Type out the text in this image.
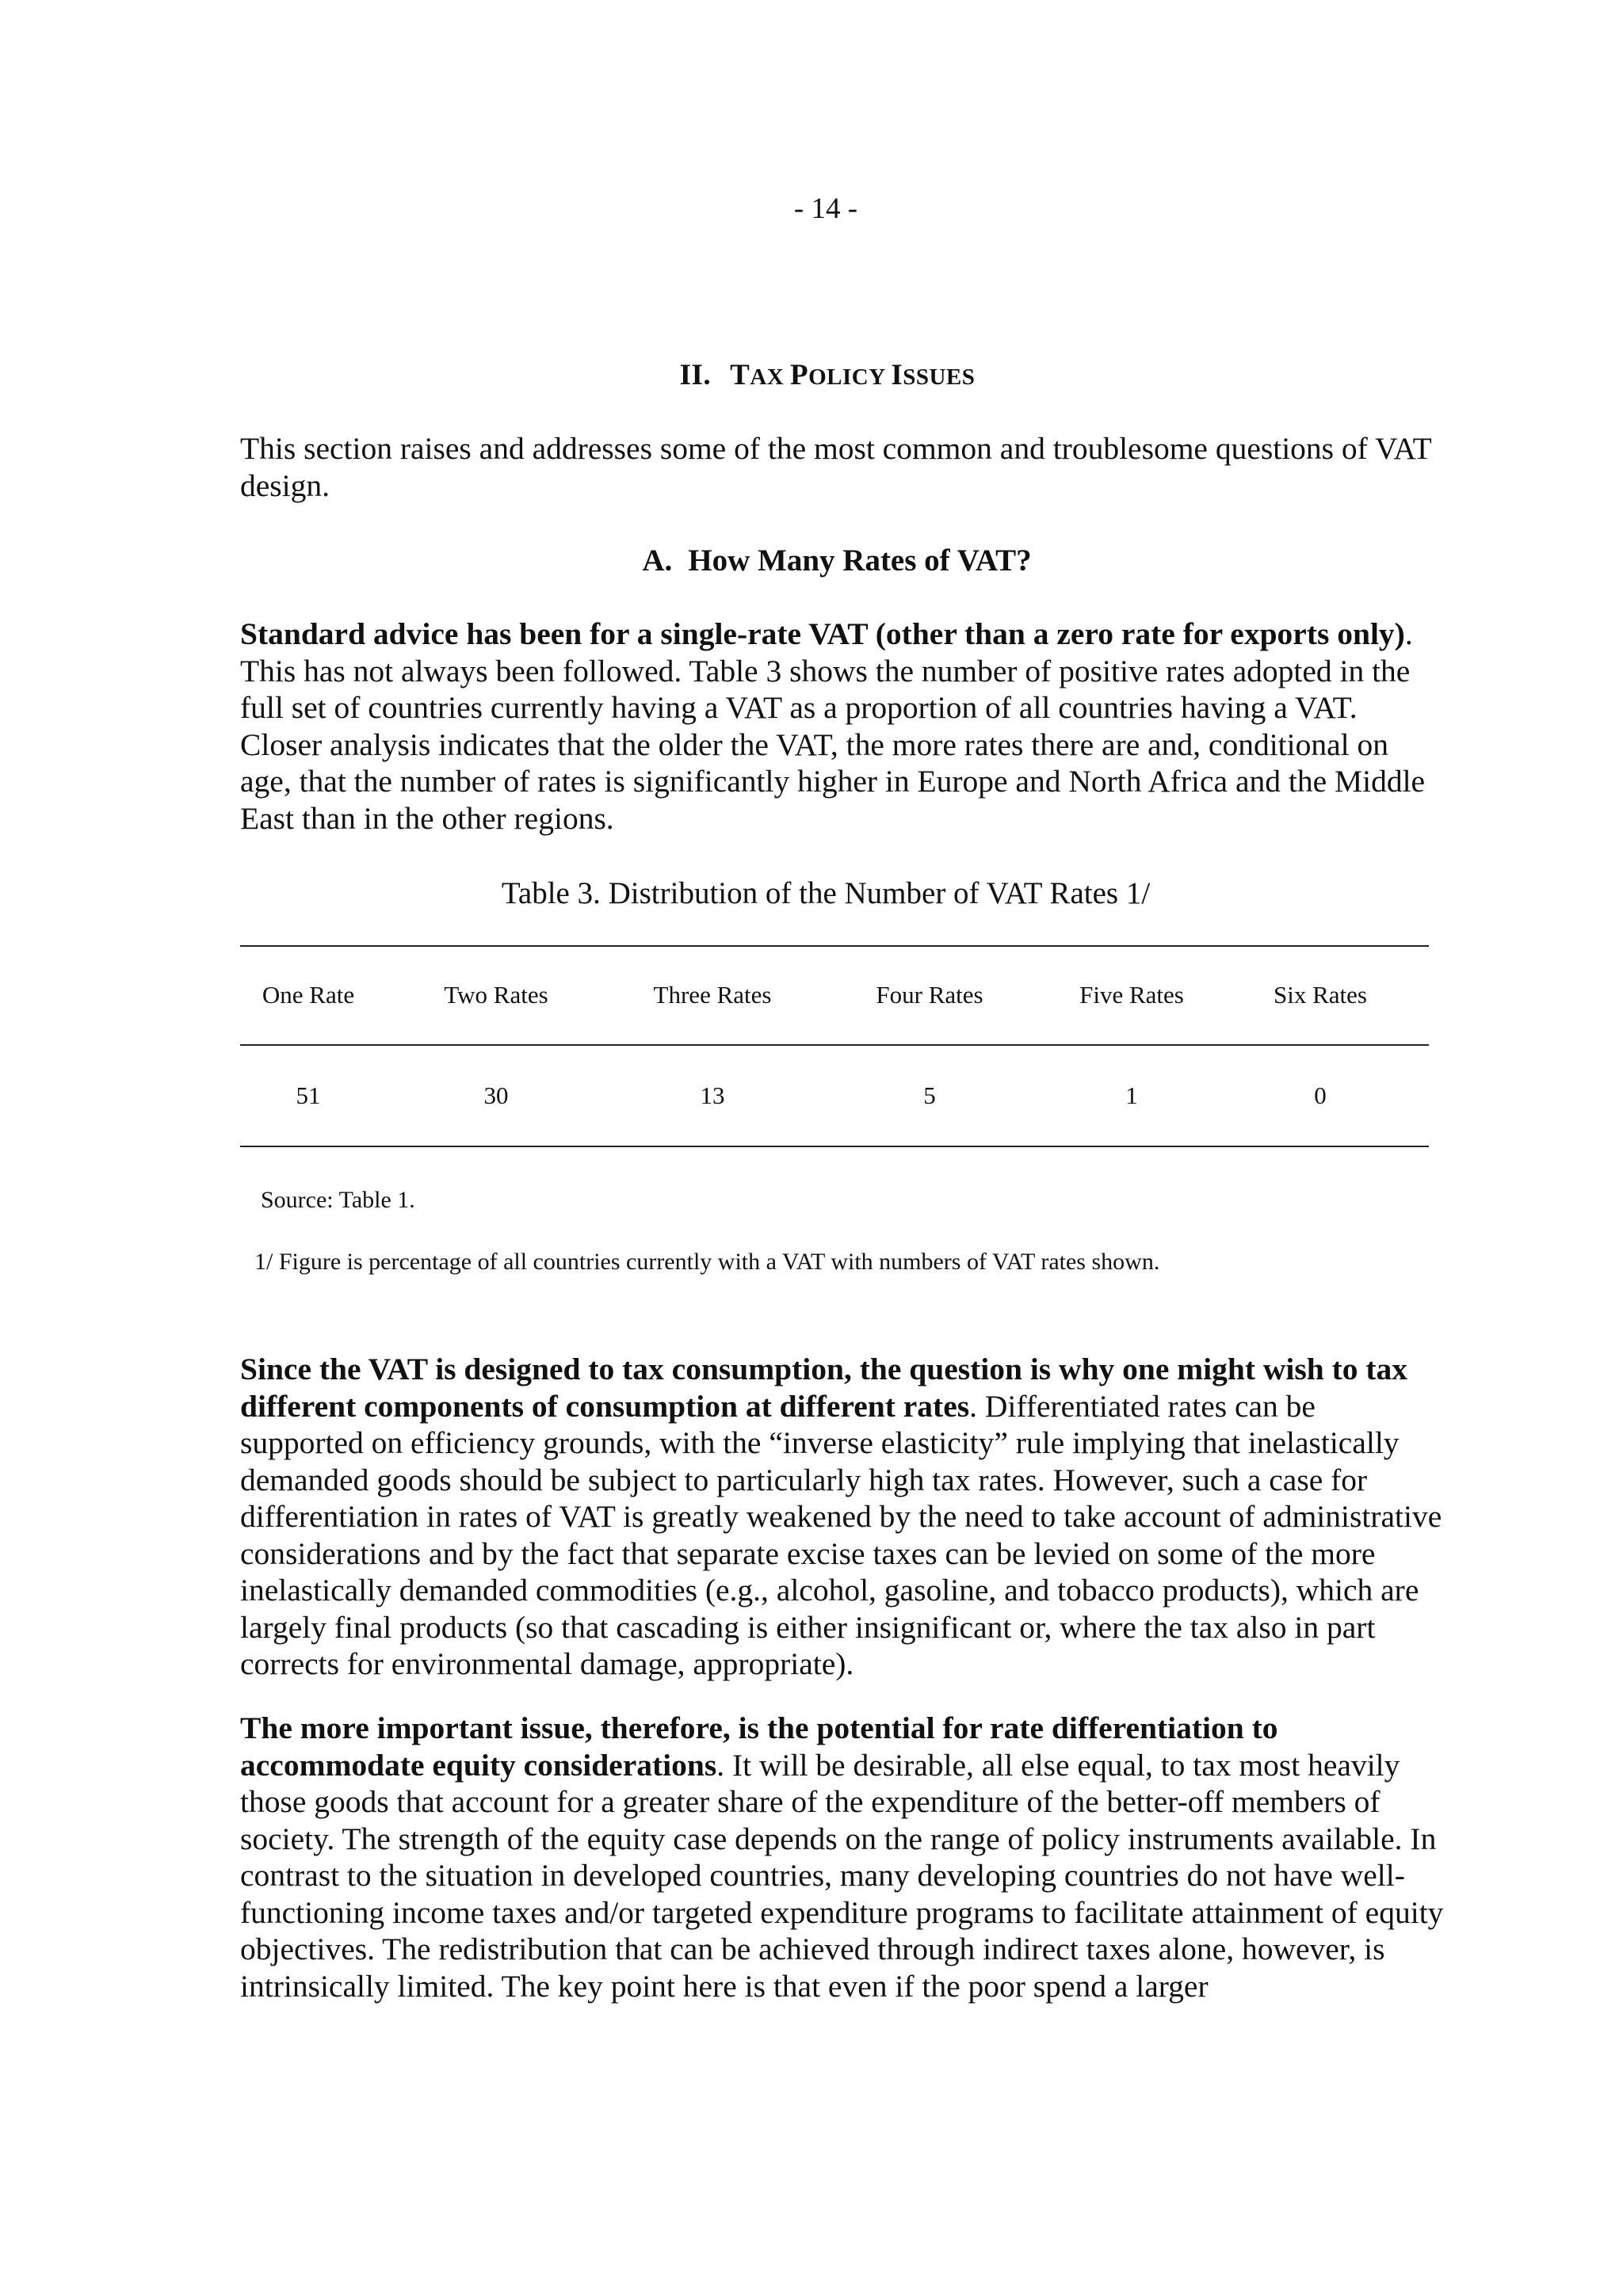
- 14 -
II. TAX POLICY ISSUES

This section raises and addresses some of the most common and troublesome questions of VAT design.

A. How Many Rates of VAT?

Standard advice has been for a single-rate VAT (other than a zero rate for exports only). This has not always been followed. Table 3 shows the number of positive rates adopted in the full set of countries currently having a VAT as a proportion of all countries having a VAT. Closer analysis indicates that the older the VAT, the more rates there are and, conditional on age, that the number of rates is significantly higher in Europe and North Africa and the Middle East than in the other regions.

Table 3. Distribution of the Number of VAT Rates 1/
One Rate	Two Rates	Three Rates	Four Rates	Five Rates	Six Rates
51	30	13	5	1	0
Source: Table 1.
1/ Figure is percentage of all countries currently with a VAT with numbers of VAT rates shown.

Since the VAT is designed to tax consumption, the question is why one might wish to tax different components of consumption at different rates. Differentiated rates can be supported on efficiency grounds, with the “inverse elasticity” rule implying that inelastically demanded goods should be subject to particularly high tax rates. However, such a case for differentiation in rates of VAT is greatly weakened by the need to take account of administrative considerations and by the fact that separate excise taxes can be levied on some of the more inelastically demanded commodities (e.g., alcohol, gasoline, and tobacco products), which are largely final products (so that cascading is either insignificant or, where the tax also in part corrects for environmental damage, appropriate).

The more important issue, therefore, is the potential for rate differentiation to accommodate equity considerations. It will be desirable, all else equal, to tax most heavily those goods that account for a greater share of the expenditure of the better-off members of society. The strength of the equity case depends on the range of policy instruments available. In contrast to the situation in developed countries, many developing countries do not have well-functioning income taxes and/or targeted expenditure programs to facilitate attainment of equity objectives. The redistribution that can be achieved through indirect taxes alone, however, is intrinsically limited. The key point here is that even if the poor spend a larger
